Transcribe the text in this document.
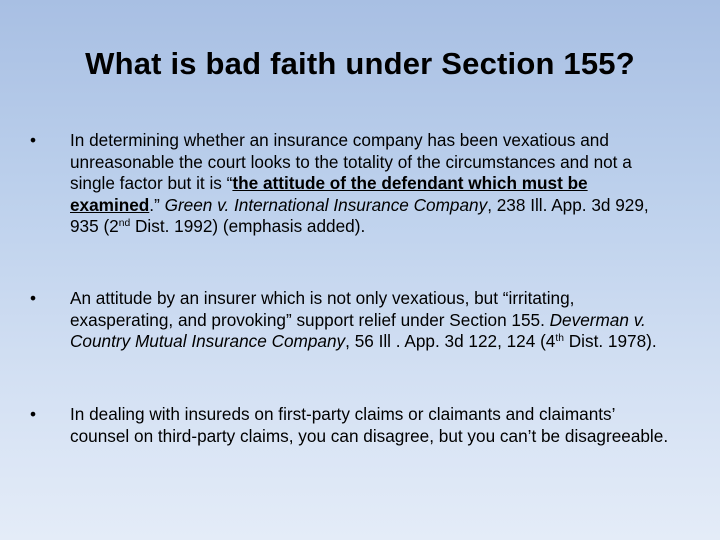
What is bad faith under Section 155?
• In determining whether an insurance company has been vexatious and unreasonable the court looks to the totality of the circumstances and not a single factor but it is “the attitude of the defendant which must be examined.” Green v. International Insurance Company, 238 Ill. App. 3d 929, 935 (2nd Dist. 1992) (emphasis added).
• An attitude by an insurer which is not only vexatious, but “irritating, exasperating, and provoking” support relief under Section 155. Deverman v. Country Mutual Insurance Company, 56 Ill . App. 3d 122, 124 (4th Dist. 1978).
• In dealing with insureds on first-party claims or claimants and claimants’ counsel on third-party claims, you can disagree, but you can’t be disagreeable.
